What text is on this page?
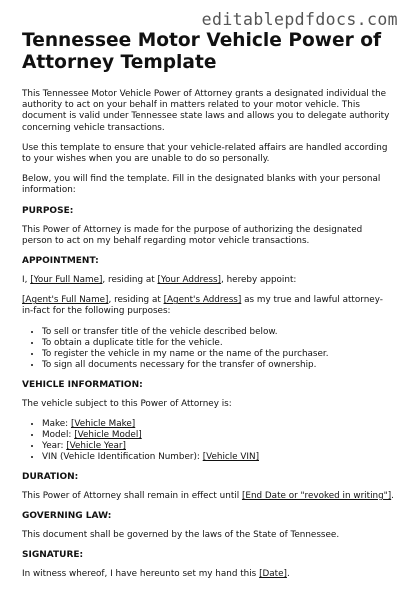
editablepdfdocs.com
Tennessee Motor Vehicle Power of Attorney Template

This Tennessee Motor Vehicle Power of Attorney grants a designated individual the authority to act on your behalf in matters related to your motor vehicle. This document is valid under Tennessee state laws and allows you to delegate authority concerning vehicle transactions.

Use this template to ensure that your vehicle-related affairs are handled according to your wishes when you are unable to do so personally.

Below, you will find the template. Fill in the designated blanks with your personal information:

PURPOSE:

This Power of Attorney is made for the purpose of authorizing the designated person to act on my behalf regarding motor vehicle transactions.

APPOINTMENT:

I, [Your Full Name], residing at [Your Address], hereby appoint:

[Agent's Full Name], residing at [Agent's Address] as my true and lawful attorney-in-fact for the following purposes:

• To sell or transfer title of the vehicle described below.
• To obtain a duplicate title for the vehicle.
• To register the vehicle in my name or the name of the purchaser.
• To sign all documents necessary for the transfer of ownership.
VEHICLE INFORMATION:

The vehicle subject to this Power of Attorney is:

• Make: [Vehicle Make]
• Model: [Vehicle Model]
• Year: [Vehicle Year]
• VIN (Vehicle Identification Number): [Vehicle VIN]
DURATION:

This Power of Attorney shall remain in effect until [End Date or "revoked in writing"].

GOVERNING LAW:

This document shall be governed by the laws of the State of Tennessee.

SIGNATURE:

In witness whereof, I have hereunto set my hand this [Date].
